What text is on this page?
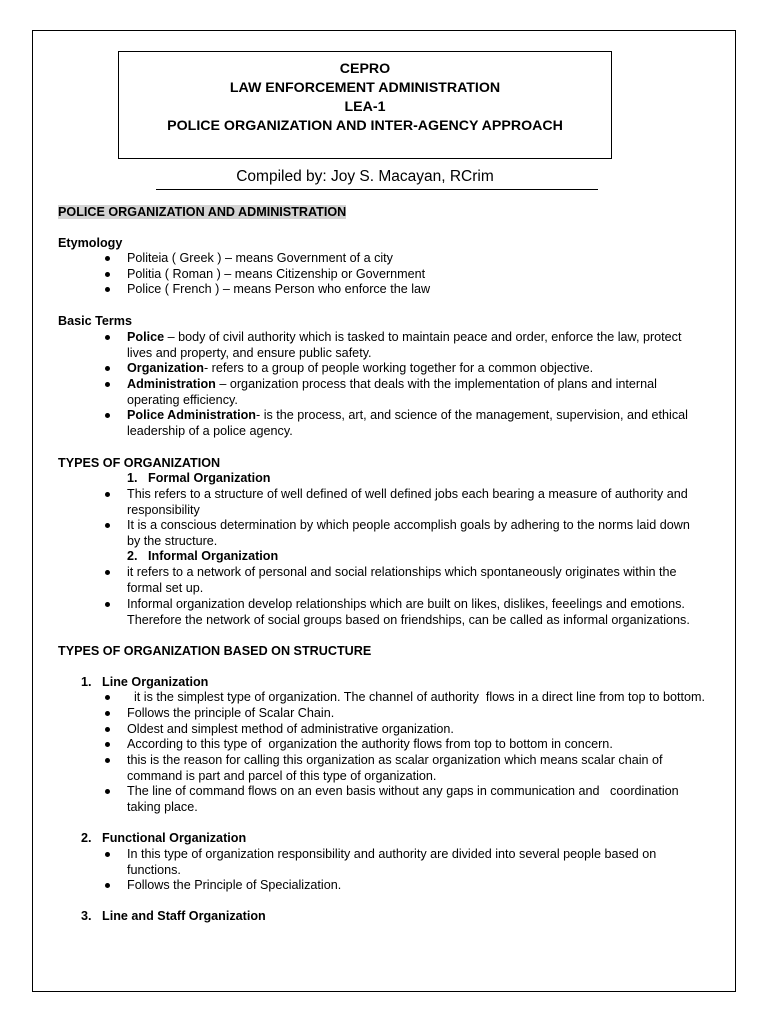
CEPRO
LAW ENFORCEMENT ADMINISTRATION
LEA-1
POLICE ORGANIZATION AND INTER-AGENCY APPROACH
Compiled by: Joy S. Macayan, RCrim
POLICE ORGANIZATION AND ADMINISTRATION
Etymology
Politeia ( Greek ) – means Government of a city
Politia ( Roman ) – means Citizenship or Government
Police ( French ) – means Person who enforce the law
Basic Terms
Police – body of civil authority which is tasked to maintain peace and order, enforce the law, protect
lives and property, and ensure public safety.
Organization- refers to a group of people working together for a common objective.
Administration – organization process that deals with the implementation of plans and internal
operating efficiency.
Police Administration- is the process, art, and science of the management, supervision, and ethical
leadership of a police agency.
TYPES OF ORGANIZATION
1. Formal Organization
This refers to a structure of well defined of well defined jobs each bearing a measure of authority and
responsibility
It is a conscious determination by which people accomplish goals by adhering to the norms laid down
by the structure.
2. Informal Organization
it refers to a network of personal and social relationships which spontaneously originates within the
formal set up.
Informal organization develop relationships which are built on likes, dislikes, feeelings and emotions.
Therefore the network of social groups based on friendships, can be called as informal organizations.
TYPES OF ORGANIZATION BASED ON STRUCTURE
1. Line Organization
it is the simplest type of organization. The channel of authority  flows in a direct line from top to bottom.
Follows the principle of Scalar Chain.
Oldest and simplest method of administrative organization.
According to this type of  organization the authority flows from top to bottom in concern.
this is the reason for calling this organization as scalar organization which means scalar chain of
command is part and parcel of this type of organization.
The line of command flows on an even basis without any gaps in communication and   coordination
taking place.
2. Functional Organization
In this type of organization responsibility and authority are divided into several people based on
functions.
Follows the Principle of Specialization.
3. Line and Staff Organization
